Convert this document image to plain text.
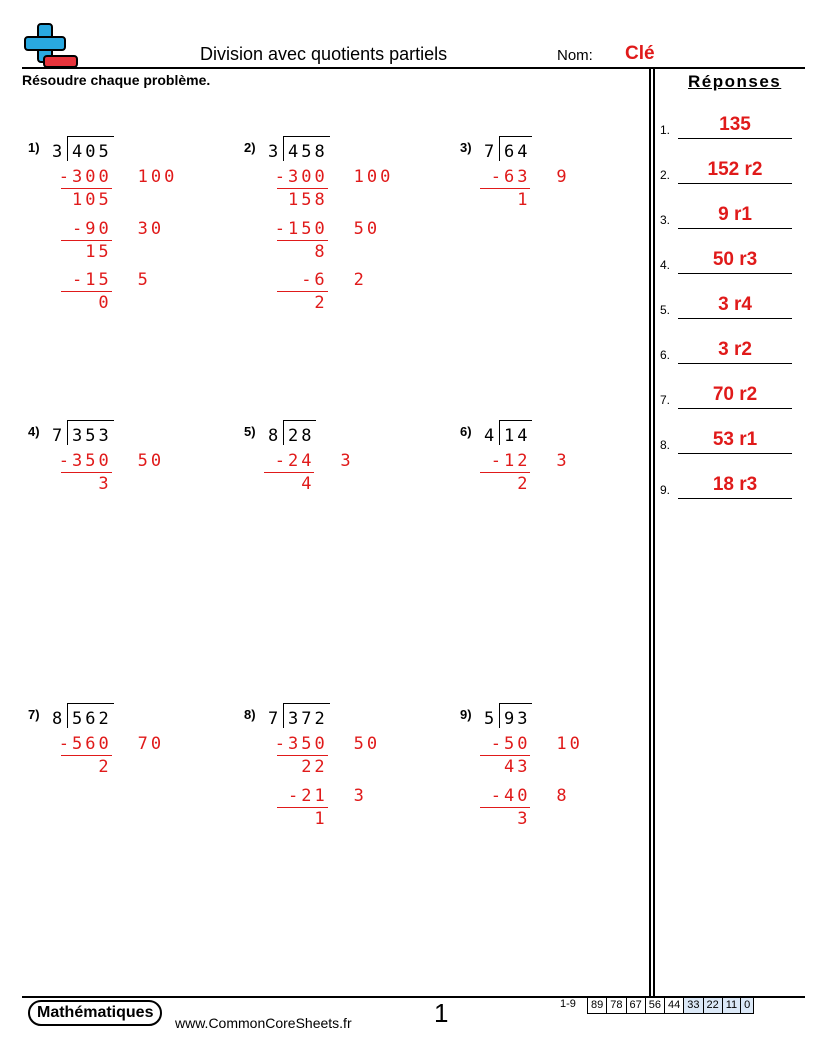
Division avec quotients partiels	Nom: Clé
Résoudre chaque problème.	Réponses
1.	135
2.	152 r2
3.	9 r1
4.	50 r3
5.	3 r4
6.	3 r2
7.	70 r2
8.	53 r1
9.	18 r3
1) 3 405
-300 100
105
-90 30
15
-15 5
0
2) 3 458
-300 100
158
-150 50
8
-6 2
2
3) 7 64
-63 9
1
4) 7 353
-350 50
3
5) 8 28
-24 3
4
6) 4 14
-12 3
2
7) 8 562
-560 70
2
8) 7 372
-350 50
22
-21 3
1
9) 5 93
-50 10
43
-40 8
3
Mathématiques
www.CommonCoreSheets.fr	1	1-9 89 78 67 56 44 33 22 11 0
